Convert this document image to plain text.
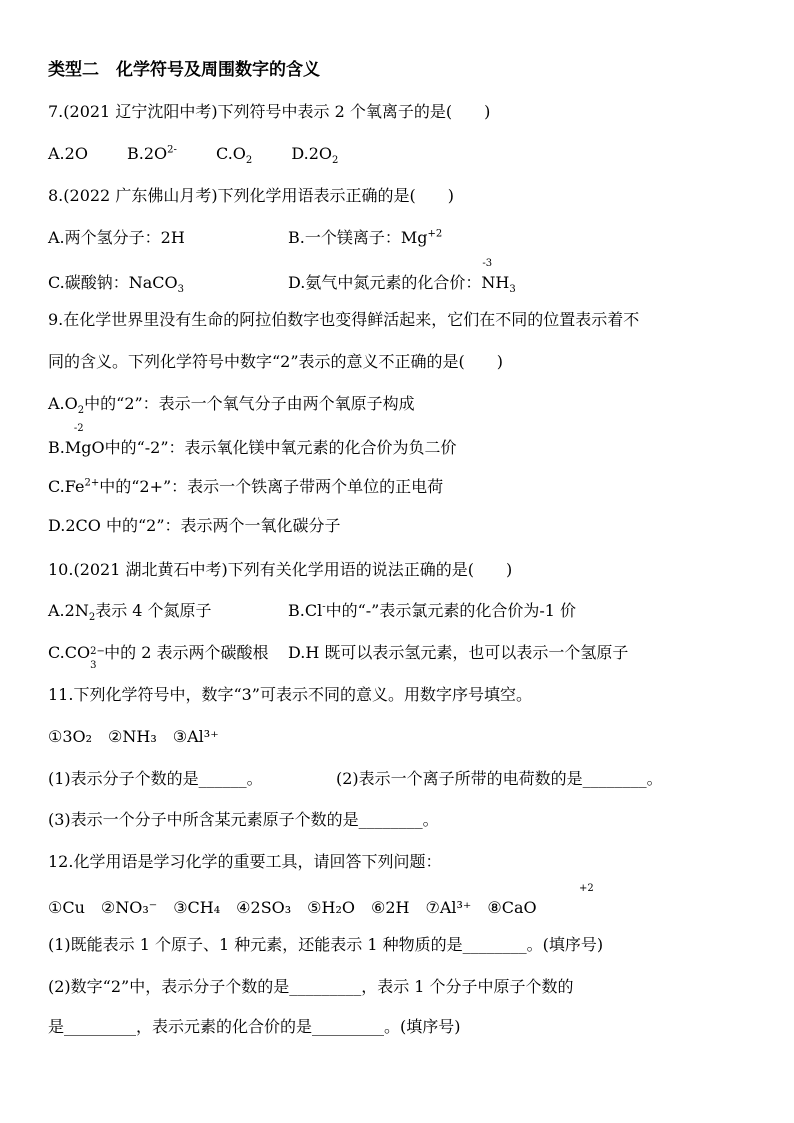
类型二　化学符号及周围数字的含义
7.(2021 辽宁沈阳中考)下列符号中表示 2 个氧离子的是(　　)
A.2O $B.2O^{2-}$ $C.O_2$ $D.2O_2$
8.(2022 广东佛山月考)下列化学用语表示正确的是(　　)
A.两个氢分子：2H	B.一个镁离子：$Mg^{+2}$
C.碳酸钠：NaCO$_3$	D.氨气中氮元素的化合价：
-3
$NH_3$
9.在化学世界里没有生命的阿拉伯数字也变得鲜活起来，它们在不同的位置表示着不
同的含义。下列化学符号中数字“2”表示的意义不正确的是(　　)
$A.O_2$中的“2”：表示一个氧气分子由两个氧原子构成
B.
-2
MgO中的“-2”：表示氧化镁中氧元素的化合价为负二价
$C.Fe^{2+}$中的“2+”：表示一个铁离子带两个单位的正电荷
D.2CO 中的“2”：表示两个一氧化碳分子
10.(2021 湖北黄石中考)下列有关化学用语的说法正确的是(　　)
$A.2N_2$表示 4 个氮原子	B.Cl-中的“-”表示氯元素的化合价为-1 价
C.CO 2−
3
中的 2 表示两个碳酸根 D.H 既可以表示氢元素，也可以表示一个氢原子
11.下列化学符号中，数字“3”可表示不同的意义。用数字序号填空。
①3O₂　②NH₃　③Al³⁺
(1)表示分子个数的是______。	(2)表示一个离子所带的电荷数的是________。
(3)表示一个分子中所含某元素原子个数的是________。
12.化学用语是学习化学的重要工具，请回答下列问题：
①Cu　②NO₃⁻　③CH₄　④2SO₃　⑤H₂O　⑥2H　⑦Al³⁺　⑧CaO
+2
(1)既能表示 1 个原子、1 种元素，还能表示 1 种物质的是________。(填序号)
(2)数字“2”中，表示分子个数的是_________，表示 1 个分子中原子个数的
是_________，表示元素的化合价的是_________。(填序号)
